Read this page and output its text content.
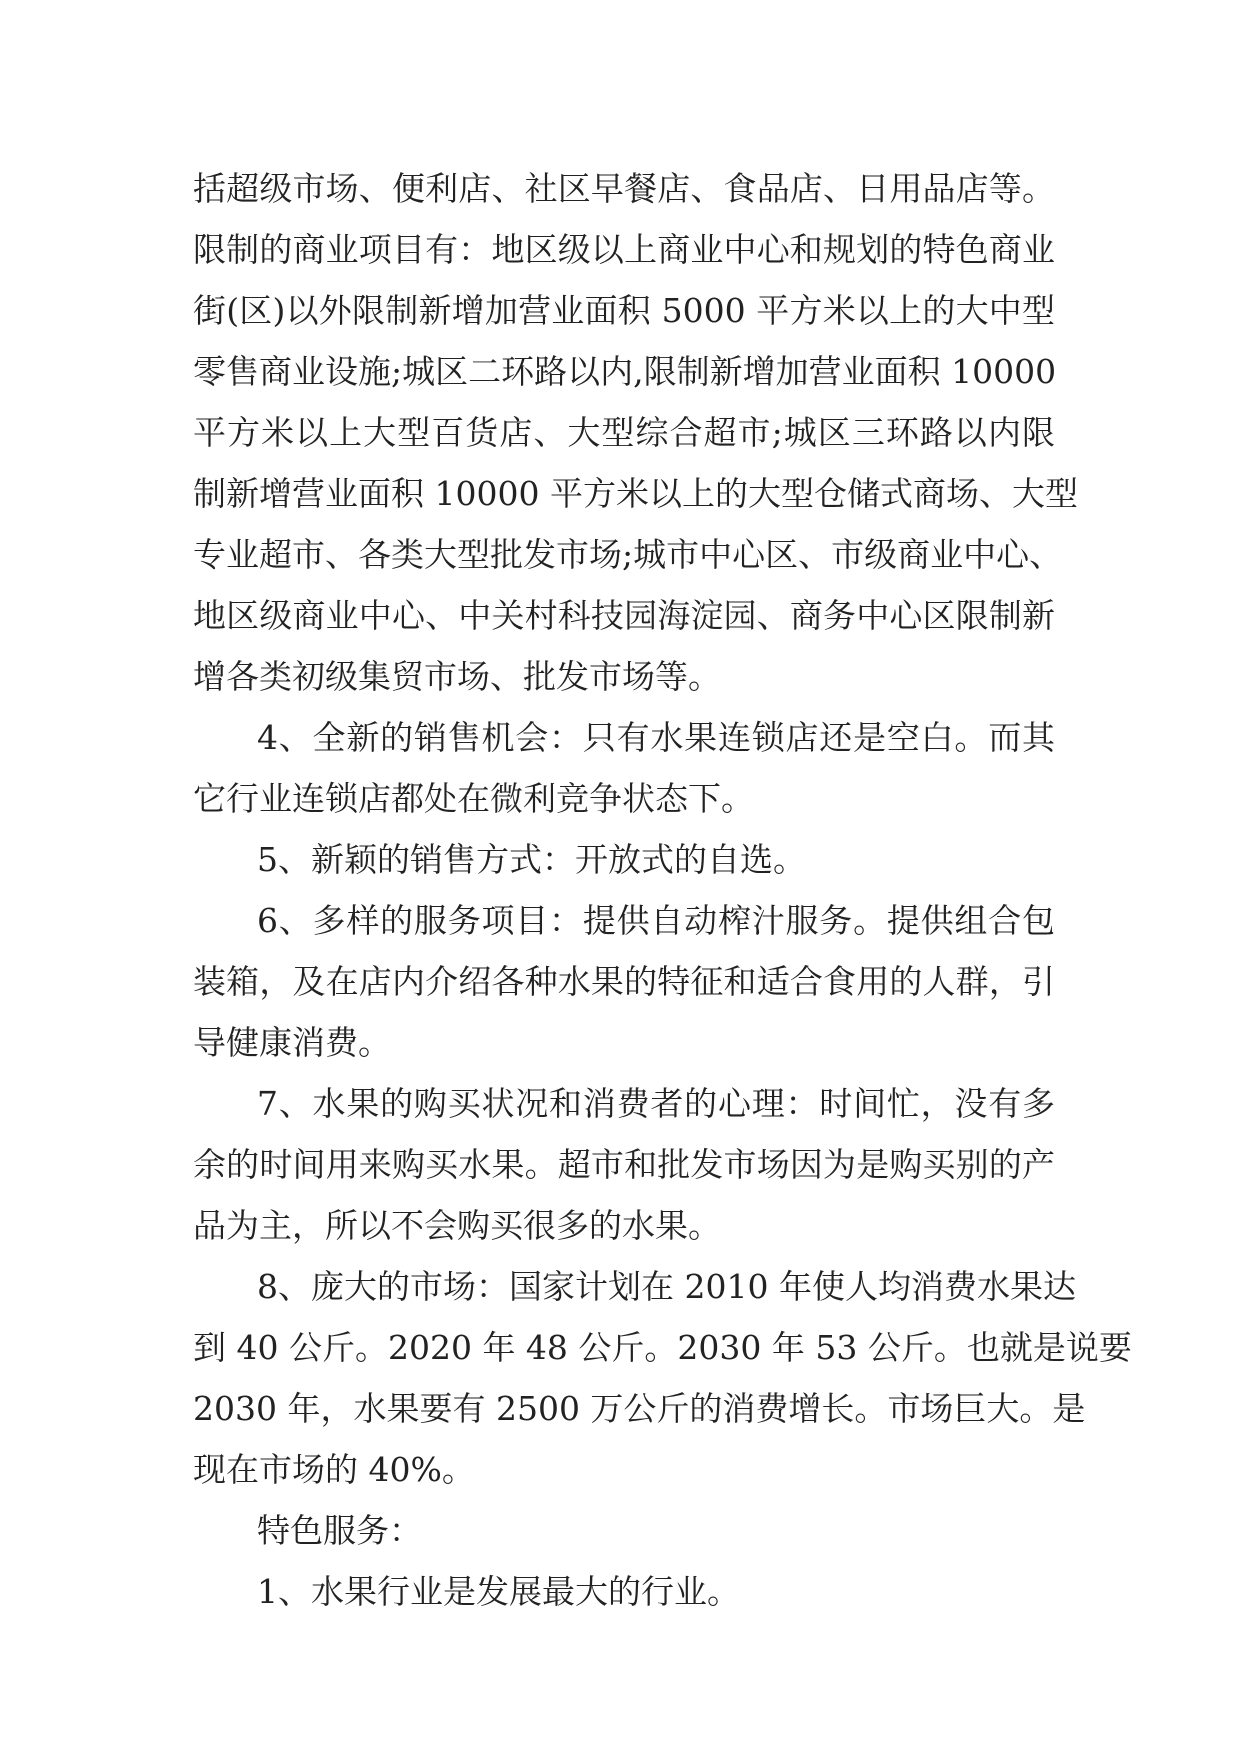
括超级市场、便利店、社区早餐店、食品店、日用品店等。
限制的商业项目有：地区级以上商业中心和规划的特色商业
街(区)以外限制新增加营业面积 5000 平方米以上的大中型
零售商业设施;城区二环路以内,限制新增加营业面积 10000
平方米以上大型百货店、大型综合超市;城区三环路以内限
制新增营业面积 10000 平方米以上的大型仓储式商场、大型
专业超市、各类大型批发市场;城市中心区、市级商业中心、
地区级商业中心、中关村科技园海淀园、商务中心区限制新
增各类初级集贸市场、批发市场等。
4、全新的销售机会：只有水果连锁店还是空白。而其
它行业连锁店都处在微利竞争状态下。
5、新颖的销售方式：开放式的自选。
6、多样的服务项目：提供自动榨汁服务。提供组合包
装箱，及在店内介绍各种水果的特征和适合食用的人群，引
导健康消费。
7、水果的购买状况和消费者的心理：时间忙，没有多
余的时间用来购买水果。超市和批发市场因为是购买别的产
品为主，所以不会购买很多的水果。
8、庞大的市场：国家计划在 2010 年使人均消费水果达
到 40 公斤。2020 年 48 公斤。2030 年 53 公斤。也就是说要
2030 年，水果要有 2500 万公斤的消费增长。市场巨大。是
现在市场的 40%。
特色服务：
1、水果行业是发展最大的行业。
